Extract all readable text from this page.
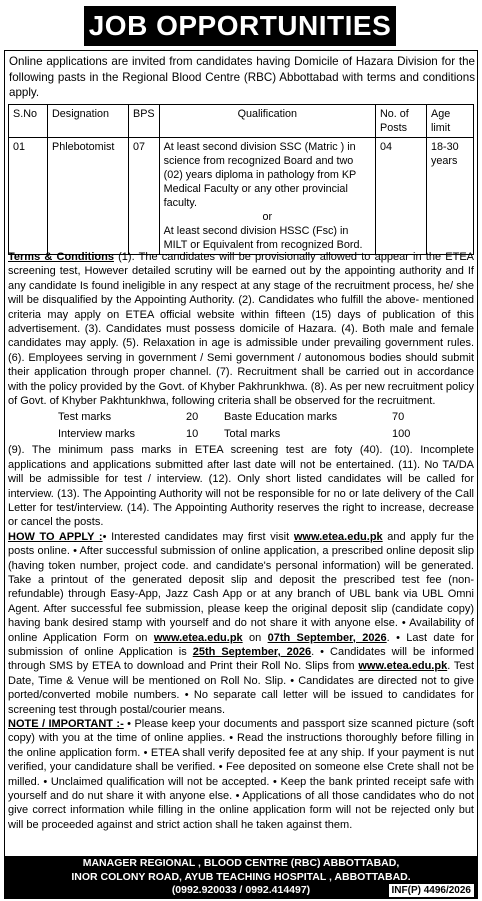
JOB OPPORTUNITIES
Online applications are invited from candidates having Domicile of Hazara Division for the following pasts in the Regional Blood Centre (RBC) Abbottabad with terms and conditions apply.
S.No	Designation	BPS	Qualification	No. of Posts	Age limit
01	Phlebotomist	07	At least second division SSC (Matric ) in science from recognized Board and two (02) years diploma in pathology from KP Medical Faculty or any other provincial faculty.
or
At least second division HSSC (Fsc) in MILT or Equivalent from recognized Bord.	04	18-30 years

Terms & Conditions (1). The candidates will be provisionally allowed to appear in the ETEA screening test, However detailed scrutiny will be earned out by the appointing authority and If any candidate Is found ineligible in any respect at any stage of the recruitment process, he/ she will be disqualified by the Appointing Authority. (2). Candidates who fulfill the above- mentioned criteria may apply on ETEA official website within fifteen (15) days of publication of this advertisement. (3). Candidates must possess domicile of Hazara. (4). Both male and female candidates may apply. (5). Relaxation in age is admissible under prevailing government rules.(6). Employees serving in government / Semi government / autonomous bodies should submit their application through proper channel. (7). Recruitment shall be carried out in accordance with the policy provided by the Govt. of Khyber Pakhrunkhwa. (8). As per new recruitment policy of Govt. of Khyber Pakhtunkhwa, following criteria shall be observed for the recruitment.

Test marks	20	Baste Education marks	70
Interview marks	10	Total marks	100

(9). The minimum pass marks in ETEA screening test are foty (40). (10). Incomplete applications and applications submitted after last date will not be entertained. (11). No TA/DA will be admissible for test / interview. (12). Only short listed candidates will be called for interview. (13). The Appointing Authority will not be responsible for no or late delivery of the Call Letter for test/interview. (14). The Appointing Authority reserves the right to increase, decrease or cancel the posts.

HOW TO APPLY :• Interested candidates may first visit www.etea.edu.pk and apply fur the posts online. • After successful submission of online application, a prescribed online deposit slip (having token number, project code. and candidate's personal information) will be generated. Take a printout of the generated deposit slip and deposit the prescribed test fee (non-refundable) through Easy-App, Jazz Cash App or at any branch of UBL bank via UBL Omni Agent. After successful fee submission, please keep the original deposit slip (candidate copy) having bank desired stamp with yourself and do not share it with anyone else. • Availability of online Application Form on www.etea.edu.pk on 07th September, 2026. • Last date for submission of online Application is 25th September, 2026. • Candidates will be informed through SMS by ETEA to download and Print their Roll No. Slips from www.etea.edu.pk. Test Date, Time & Venue will be mentioned on Roll No. Slip. • Candidates are directed not to give ported/converted mobile numbers. • No separate call letter will be issued to candidates for screening test through postal/courier means.

NOTE / IMPORTANT :- • Please keep your documents and passport size scanned picture (soft copy) with you at the time of online applies. • Read the instructions thoroughly before filling in the online application form. • ETEA shall verify deposited fee at any ship. If your payment is nut verified, your candidature shall be verified. • Fee deposited on someone else Crete shall not be milled. • Unclaimed qualification will not be accepted. • Keep the bank printed receipt safe with yourself and do nut share it with anyone else. • Applications of all those candidates who do not give correct information while filling in the online application form will not be rejected only but will be proceeded against and strict action shall he taken against them.

MANAGER REGIONAL , BLOOD CENTRE (RBC) ABBOTTABAD,
INOR COLONY ROAD, AYUB TEACHING HOSPITAL , ABBOTTABAD.
(0992.920033 / 0992.414497)	INF(P) 4496/2026
